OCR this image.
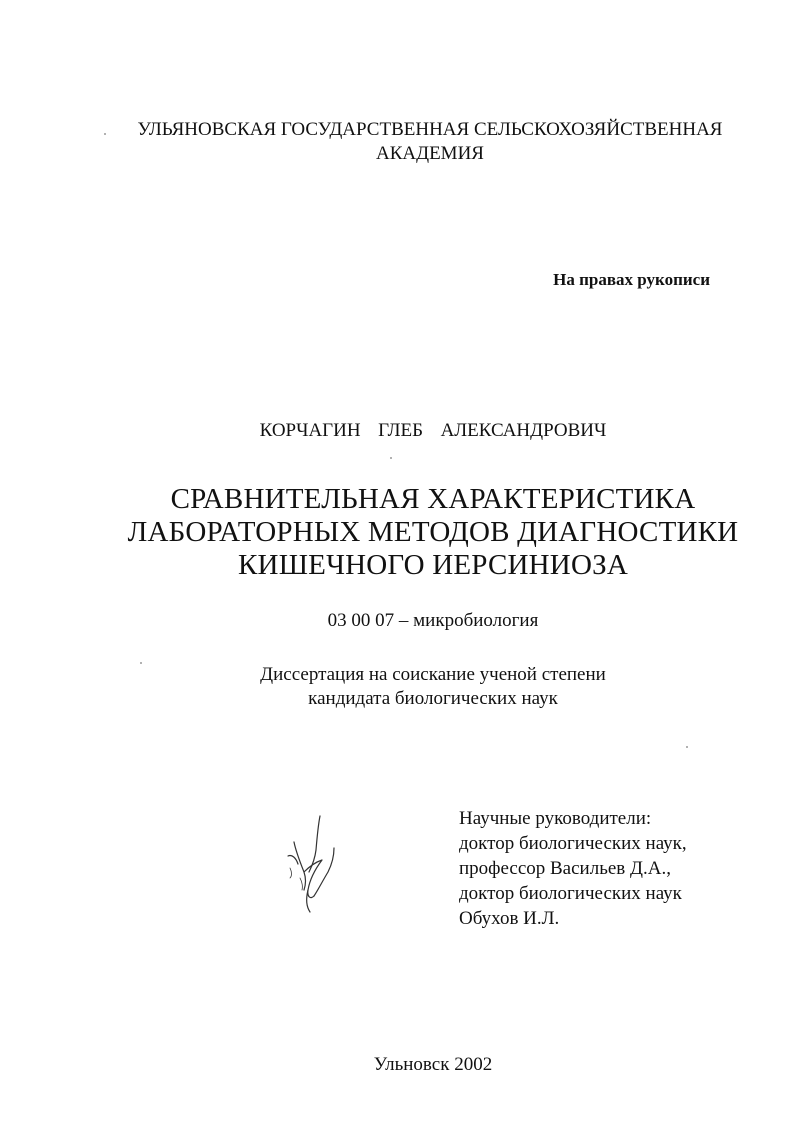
УЛЬЯНОВСКАЯ ГОСУДАРСТВЕННАЯ СЕЛЬСКОХОЗЯЙСТВЕННАЯ
АКАДЕМИЯ
На правах рукописи
КОРЧАГИН  ГЛЕБ  АЛЕКСАНДРОВИЧ
СРАВНИТЕЛЬНАЯ ХАРАКТЕРИСТИКА
ЛАБОРАТОРНЫХ МЕТОДОВ ДИАГНОСТИКИ
КИШЕЧНОГО ИЕРСИНИОЗА
03 00 07 – микробиология
Диссертация на соискание ученой степени
кандидата биологических наук
Научные руководители:
доктор биологических наук,
профессор Васильев Д.А.,
доктор биологических наук
Обухов И.Л.
Ульновск 2002
